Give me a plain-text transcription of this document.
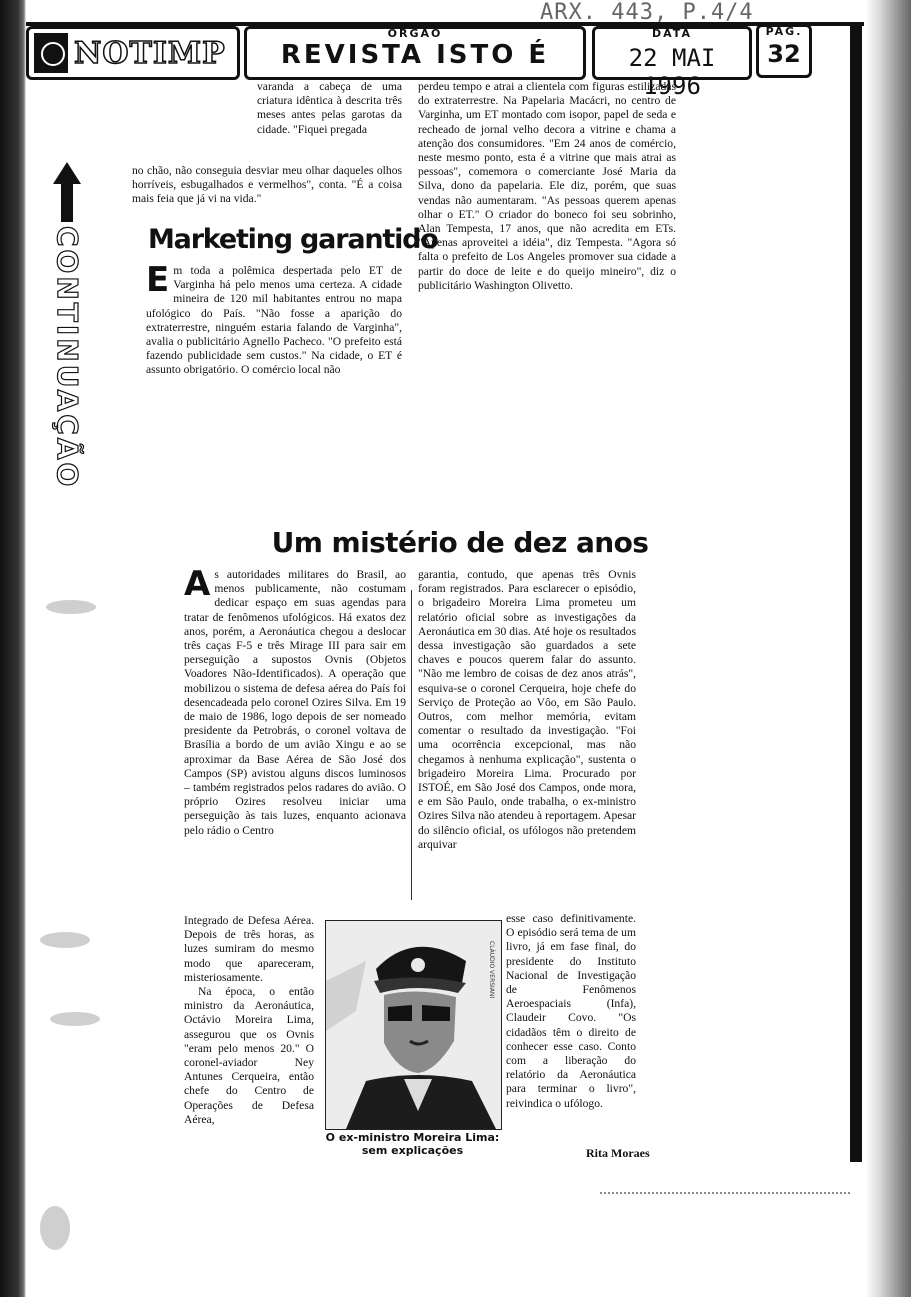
ARX. 443, P.4/4
NOTIMP
ORGÃO
REVISTA ISTO É
DATA
22 MAI 1996
PAG.
32
CONTINUAÇÃO

varanda a cabeça de uma criatura idêntica à descrita três meses antes pelas garotas da cidade. "Fiquei pregada

no chão, não conseguia desviar meu olhar daqueles olhos horríveis, esbugalhados e vermelhos", conta. "É a coisa mais feia que já vi na vida."

Marketing garantido
E m toda a polêmica despertada pelo ET de Varginha há pelo menos uma certeza. A cidade mineira de 120 mil habitantes entrou no mapa ufológico do País. "Não fosse a aparição do extraterrestre, ninguém estaria falando de Varginha", avalia o publicitário Agnello Pacheco. "O prefeito está fazendo publicidade sem custos." Na cidade, o ET é assunto obrigatório. O comércio local não

perdeu tempo e atrai a clientela com figuras estilizadas do extraterrestre. Na Papelaria Macácri, no centro de Varginha, um ET montado com isopor, papel de seda e recheado de jornal velho decora a vitrine e chama a atenção dos consumidores. "Em 24 anos de comércio, neste mesmo ponto, esta é a vitrine que mais atrai as pessoas", comemora o comerciante José Maria da Silva, dono da papelaria. Ele diz, porém, que suas vendas não aumentaram. "As pessoas querem apenas olhar o ET." O criador do boneco foi seu sobrinho, Alan Tempesta, 17 anos, que não acredita em ETs. "Apenas aproveitei a idéia", diz Tempesta. "Agora só falta o prefeito de Los Angeles promover sua cidade a partir do doce de leite e do queijo mineiro", diz o publicitário Washington Olivetto.

Um mistério de dez anos
A s autoridades militares do Brasil, ao menos publicamente, não costumam dedicar espaço em suas agendas para tratar de fenômenos ufológicos. Há exatos dez anos, porém, a Aeronáutica chegou a deslocar três caças F-5 e três Mirage III para sair em perseguição a supostos Ovnis (Objetos Voadores Não-Identificados). A operação que mobilizou o sistema de defesa aérea do País foi desencadeada pelo coronel Ozires Silva. Em 19 de maio de 1986, logo depois de ser nomeado presidente da Petrobrás, o coronel voltava de Brasília a bordo de um avião Xingu e ao se aproximar da Base Aérea de São José dos Campos (SP) avistou alguns discos luminosos – também registrados pelos radares do avião. O próprio Ozires resolveu iniciar uma perseguição às tais luzes, enquanto acionava pelo rádio o Centro

Integrado de Defesa Aérea. Depois de três horas, as luzes sumiram do mesmo modo que apareceram, misteriosamente.

Na época, o então ministro da Aeronáutica, Octávio Moreira Lima, assegurou que os Ovnis "eram pelo menos 20." O coronel-aviador Ney Antunes Cerqueira, então chefe do Centro de Operações de Defesa Aérea,

garantia, contudo, que apenas três Ovnis foram registrados. Para esclarecer o episódio, o brigadeiro Moreira Lima prometeu um relatório oficial sobre as investigações da Aeronáutica em 30 dias. Até hoje os resultados dessa investigação são guardados a sete chaves e poucos querem falar do assunto. "Não me lembro de coisas de dez anos atrás", esquiva-se o coronel Cerqueira, hoje chefe do Serviço de Proteção ao Vôo, em São Paulo. Outros, com melhor memória, evitam comentar o resultado da investigação. "Foi uma ocorrência excepcional, mas não chegamos à nenhuma explicação", sustenta o brigadeiro Moreira Lima. Procurado por ISTOÉ, em São José dos Campos, onde mora, e em São Paulo, onde trabalha, o ex-ministro Ozires Silva não atendeu à reportagem. Apesar do silêncio oficial, os ufólogos não pretendem arquivar

esse caso definitivamente. O episódio será tema de um livro, já em fase final, do presidente do Instituto Nacional de Investigação de Fenômenos Aeroespaciais (Infa), Claudeir Covo. "Os cidadãos têm o direito de conhecer esse caso. Conto com a liberação do relatório da Aeronáutica para terminar o livro", reivindica o ufólogo.

CLÁUDIO VERSIANI
O ex-ministro Moreira Lima: sem explicações	Rita Moraes
